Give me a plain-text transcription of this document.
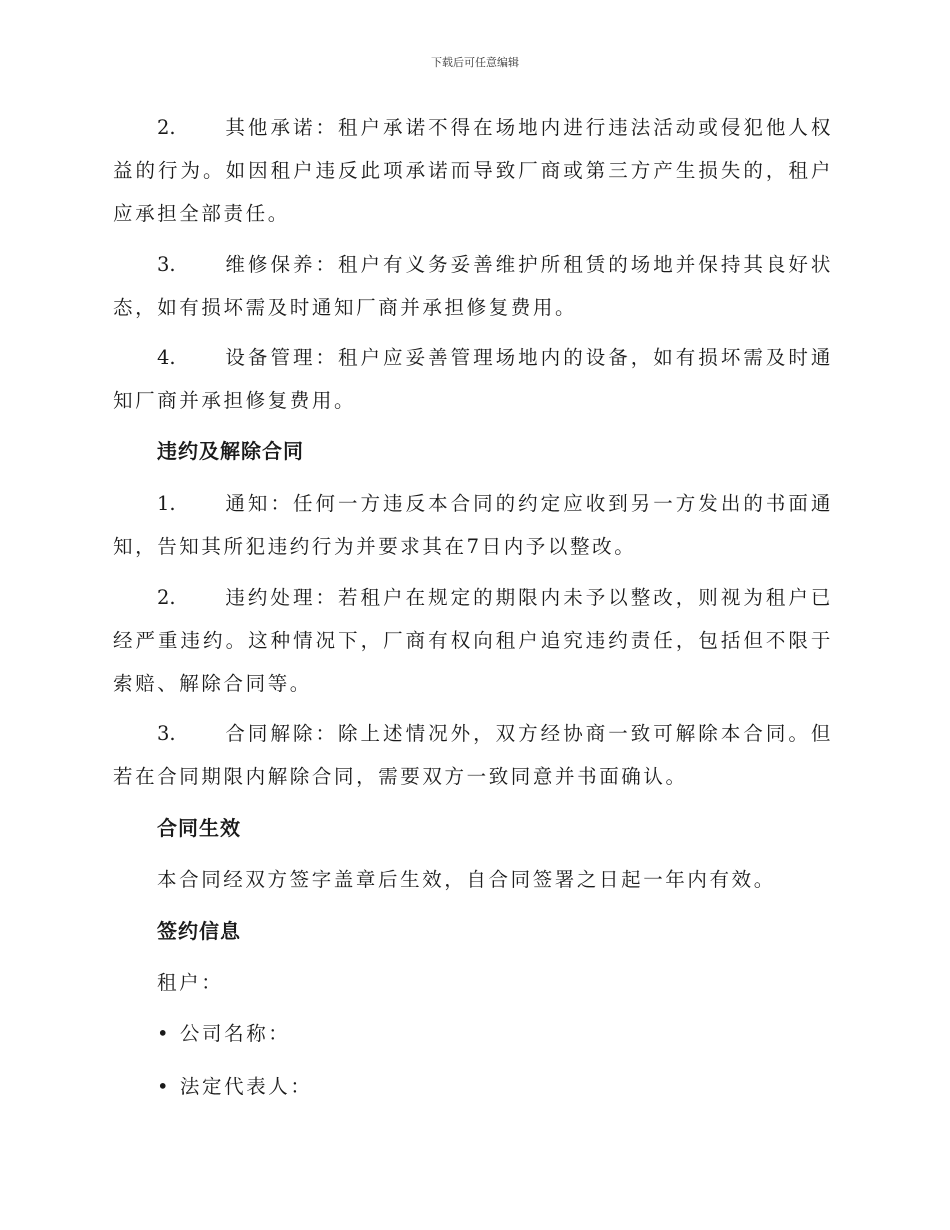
下载后可任意编辑
2.	其他承诺：租户承诺不得在场地内进行违法活动或侵犯他人权益的行为。如因租户违反此项承诺而导致厂商或第三方产生损失的，租户应承担全部责任。
3.	维修保养：租户有义务妥善维护所租赁的场地并保持其良好状态，如有损坏需及时通知厂商并承担修复费用。
4.	设备管理：租户应妥善管理场地内的设备，如有损坏需及时通知厂商并承担修复费用。
违约及解除合同
1.	通知：任何一方违反本合同的约定应收到另一方发出的书面通知，告知其所犯违约行为并要求其在7日内予以整改。
2.	违约处理：若租户在规定的期限内未予以整改，则视为租户已经严重违约。这种情况下，厂商有权向租户追究违约责任，包括但不限于索赔、解除合同等。
3.	合同解除：除上述情况外，双方经协商一致可解除本合同。但若在合同期限内解除合同，需要双方一致同意并书面确认。
合同生效
本合同经双方签字盖章后生效，自合同签署之日起一年内有效。
签约信息
租户：
• 公司名称：
• 法定代表人：
